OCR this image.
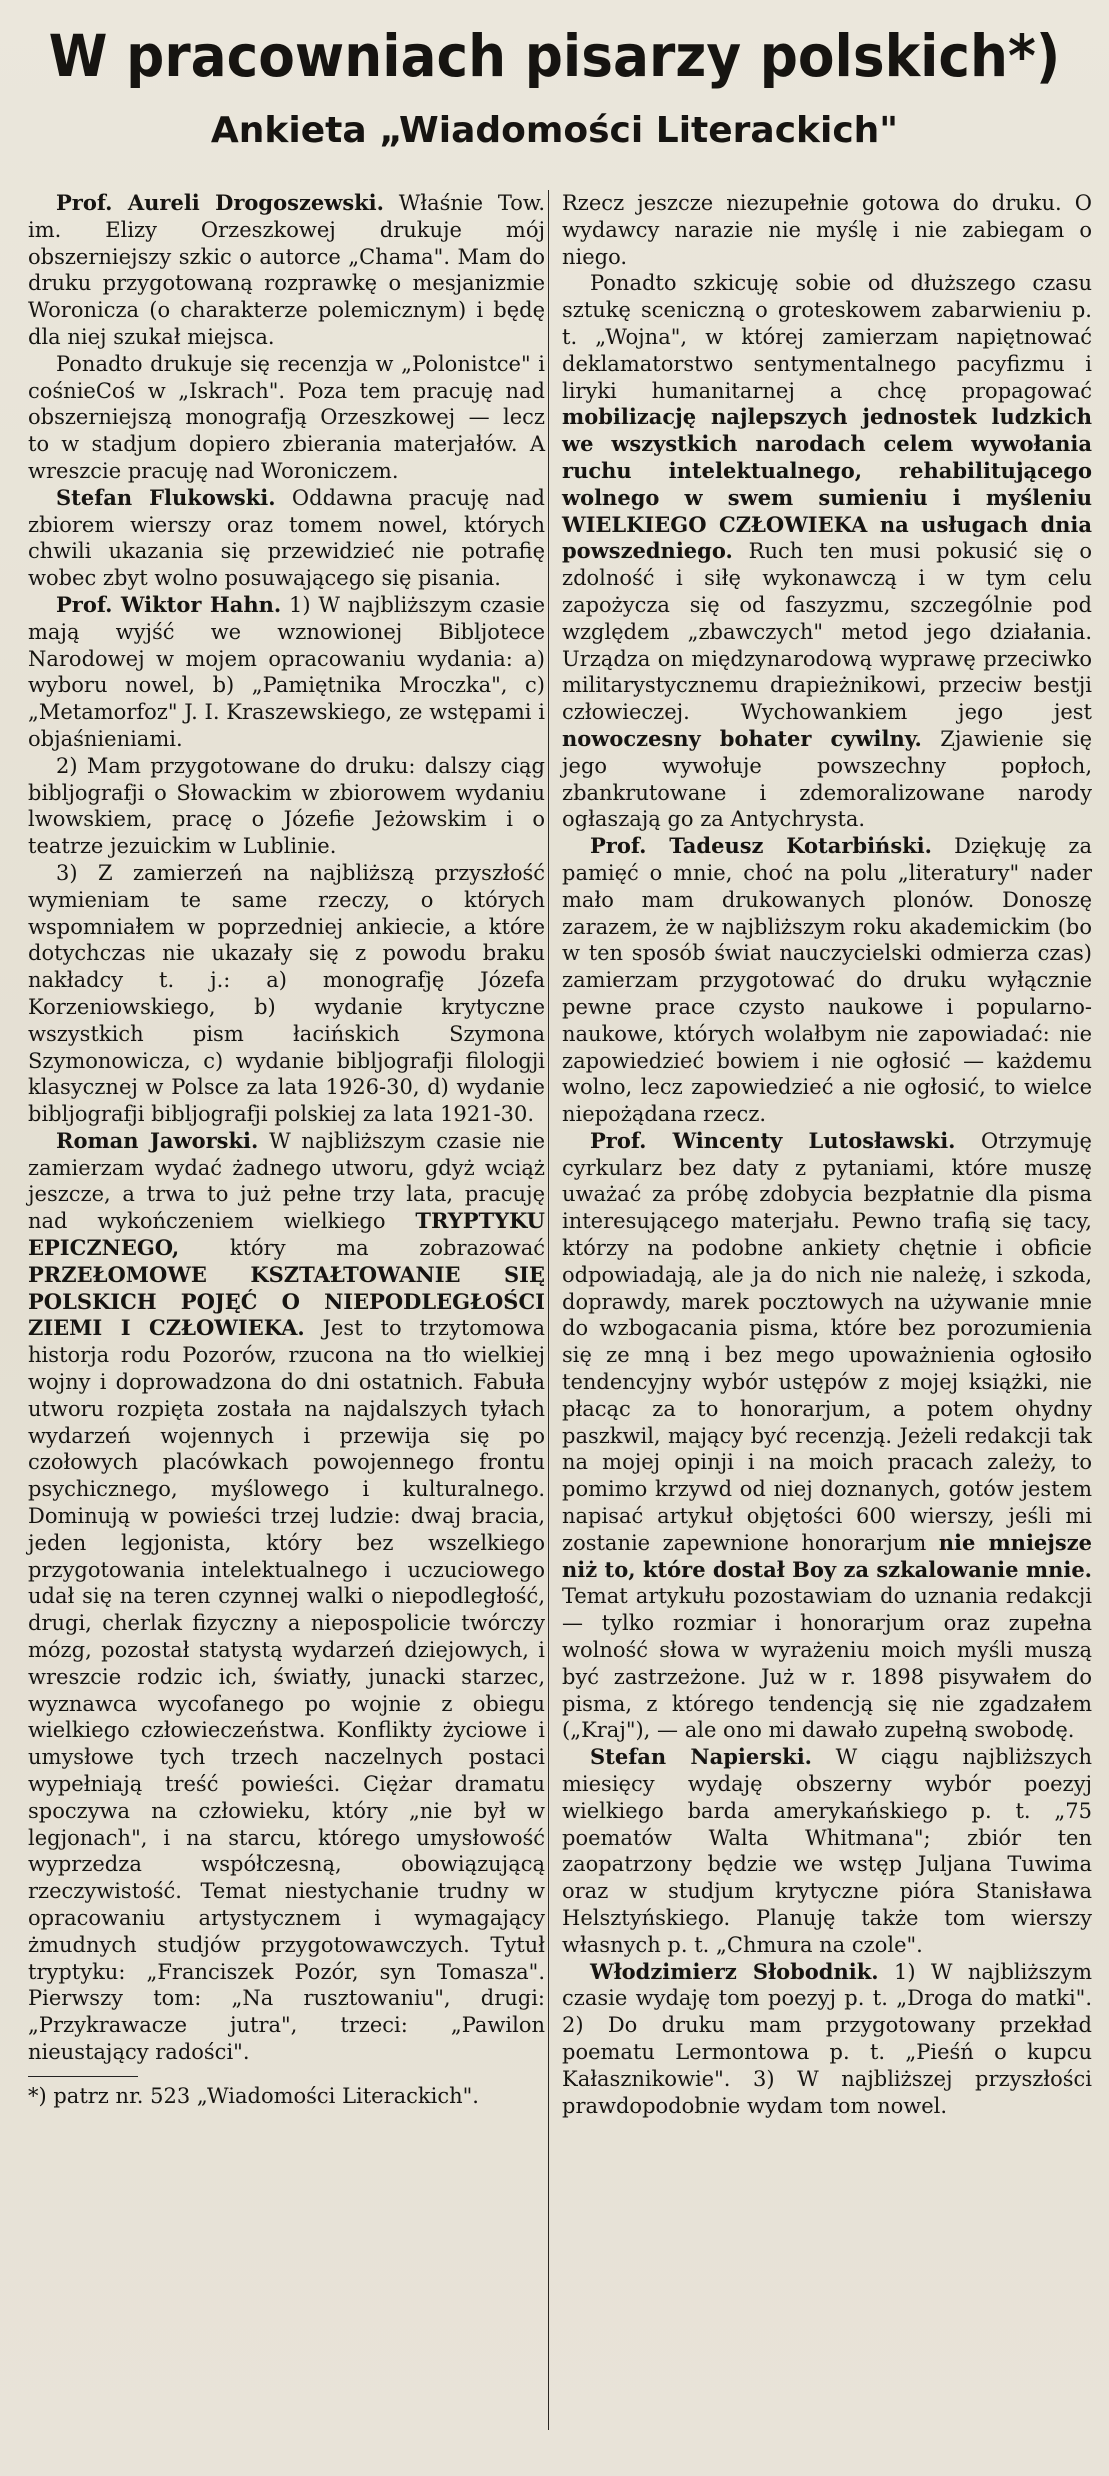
W pracowniach pisarzy polskich*)
Ankieta „Wiadomości Literackich"

Prof. Aureli Drogoszewski. Właśnie Tow. im. Elizy Orzeszkowej drukuje mój obszerniejszy szkic o autorce „Chama". Mam do druku przygotowaną rozprawkę o mesjanizmie Woronicza (o charakterze polemicznym) i będę dla niej szukał miejsca.

Ponadto drukuje się recenzja w „Polonistce" i cośnieCoś w „Iskrach". Poza tem pracuję nad obszerniejszą monografją Orzeszkowej — lecz to w stadjum dopiero zbierania materjałów. A wreszcie pracuję nad Woroniczem.

Stefan Flukowski. Oddawna pracuję nad zbiorem wierszy oraz tomem nowel, których chwili ukazania się przewidzieć nie potrafię wobec zbyt wolno posuwającego się pisania.

Prof. Wiktor Hahn. 1) W najbliższym czasie mają wyjść we wznowionej Bibljotece Narodowej w mojem opracowaniu wydania: a) wyboru nowel, b) „Pamiętnika Mroczka", c) „Metamorfoz" J. I. Kraszewskiego, ze wstępami i objaśnieniami.

2) Mam przygotowane do druku: dalszy ciąg bibljografji o Słowackim w zbiorowem wydaniu lwowskiem, pracę o Józefie Jeżowskim i o teatrze jezuickim w Lublinie.

3) Z zamierzeń na najbliższą przyszłość wymieniam te same rzeczy, o których wspomniałem w poprzedniej ankiecie, a które dotychczas nie ukazały się z powodu braku nakładcy t. j.: a) monografję Józefa Korzeniowskiego, b) wydanie krytyczne wszystkich pism łacińskich Szymona Szymonowicza, c) wydanie bibljografji filologji klasycznej w Polsce za lata 1926-30, d) wydanie bibljografji bibljografji polskiej za lata 1921-30.

Roman Jaworski. W najbliższym czasie nie zamierzam wydać żadnego utworu, gdyż wciąż jeszcze, a trwa to już pełne trzy lata, pracuję nad wykończeniem wielkiego TRYPTYKU EPICZNEGO, który ma zobrazować PRZEŁOMOWE KSZTAŁTOWANIE SIĘ POLSKICH POJĘĆ O NIEPODLEGŁOŚCI ZIEMI I CZŁOWIEKA. Jest to trzytomowa historja rodu Pozorów, rzucona na tło wielkiej wojny i doprowadzona do dni ostatnich. Fabuła utworu rozpięta została na najdalszych tyłach wydarzeń wojennych i przewija się po czołowych placówkach powojennego frontu psychicznego, myślowego i kulturalnego. Dominują w powieści trzej ludzie: dwaj bracia, jeden legjonista, który bez wszelkiego przygotowania intelektualnego i uczuciowego udał się na teren czynnej walki o niepodległość, drugi, cherlak fizyczny a niepospolicie twórczy mózg, pozostał statystą wydarzeń dziejowych, i wreszcie rodzic ich, światły, junacki starzec, wyznawca wycofanego po wojnie z obiegu wielkiego człowieczeństwa. Konflikty życiowe i umysłowe tych trzech naczelnych postaci wypełniają treść powieści. Ciężar dramatu spoczywa na człowieku, który „nie był w legjonach", i na starcu, którego umysłowość wyprzedza współczesną, obowiązującą rzeczywistość. Temat niestychanie trudny w opracowaniu artystycznem i wymagający żmudnych studjów przygotowawczych. Tytuł tryptyku: „Franciszek Pozór, syn Tomasza". Pierwszy tom: „Na rusztowaniu", drugi: „Przykrawacze jutra", trzeci: „Pawilon nieustający radości".

*) patrz nr. 523 „Wiadomości Literackich".

Rzecz jeszcze niezupełnie gotowa do druku. O wydawcy narazie nie myślę i nie zabiegam o niego.

Ponadto szkicuję sobie od dłuższego czasu sztukę sceniczną o groteskowem zabarwieniu p. t. „Wojna", w której zamierzam napiętnować deklamatorstwo sentymentalnego pacyfizmu i liryki humanitarnej a chcę propagować mobilizację najlepszych jednostek ludzkich we wszystkich narodach celem wywołania ruchu intelektualnego, rehabilitującego wolnego w swem sumieniu i myśleniu WIELKIEGO CZŁOWIEKA na usługach dnia powszedniego. Ruch ten musi pokusić się o zdolność i siłę wykonawczą i w tym celu zapożycza się od faszyzmu, szczególnie pod względem „zbawczych" metod jego działania. Urządza on międzynarodową wyprawę przeciwko militarystycznemu drapieżnikowi, przeciw bestji człowieczej. Wychowankiem jego jest nowoczesny bohater cywilny. Zjawienie się jego wywołuje powszechny popłoch, zbankrutowane i zdemoralizowane narody ogłaszają go za Antychrysta.

Prof. Tadeusz Kotarbiński. Dziękuję za pamięć o mnie, choć na polu „literatury" nader mało mam drukowanych plonów. Donoszę zarazem, że w najbliższym roku akademickim (bo w ten sposób świat nauczycielski odmierza czas) zamierzam przygotować do druku wyłącznie pewne prace czysto naukowe i popularno-naukowe, których wolałbym nie zapowiadać: nie zapowiedzieć bowiem i nie ogłosić — każdemu wolno, lecz zapowiedzieć a nie ogłosić, to wielce niepożądana rzecz.

Prof. Wincenty Lutosławski. Otrzymuję cyrkularz bez daty z pytaniami, które muszę uważać za próbę zdobycia bezpłatnie dla pisma interesującego materjału. Pewno trafią się tacy, którzy na podobne ankiety chętnie i obficie odpowiadają, ale ja do nich nie należę, i szkoda, doprawdy, marek pocztowych na używanie mnie do wzbogacania pisma, które bez porozumienia się ze mną i bez mego upoważnienia ogłosiło tendencyjny wybór ustępów z mojej książki, nie płacąc za to honorarjum, a potem ohydny paszkwil, mający być recenzją. Jeżeli redakcji tak na mojej opinji i na moich pracach zależy, to pomimo krzywd od niej doznanych, gotów jestem napisać artykuł objętości 600 wierszy, jeśli mi zostanie zapewnione honorarjum nie mniejsze niż to, które dostał Boy za szkalowanie mnie. Temat artykułu pozostawiam do uznania redakcji — tylko rozmiar i honorarjum oraz zupełna wolność słowa w wyrażeniu moich myśli muszą być zastrzeżone. Już w r. 1898 pisywałem do pisma, z którego tendencją się nie zgadzałem („Kraj"), — ale ono mi dawało zupełną swobodę.

Stefan Napierski. W ciągu najbliższych miesięcy wydaję obszerny wybór poezyj wielkiego barda amerykańskiego p. t. „75 poematów Walta Whitmana"; zbiór ten zaopatrzony będzie we wstęp Juljana Tuwima oraz w studjum krytyczne pióra Stanisława Helsztyńskiego. Planuję także tom wierszy własnych p. t. „Chmura na czole".

Włodzimierz Słobodnik. 1) W najbliższym czasie wydaję tom poezyj p. t. „Droga do matki". 2) Do druku mam przygotowany przekład poematu Lermontowa p. t. „Pieśń o kupcu Kałasznikowie". 3) W najbliższej przyszłości prawdopodobnie wydam tom nowel.
